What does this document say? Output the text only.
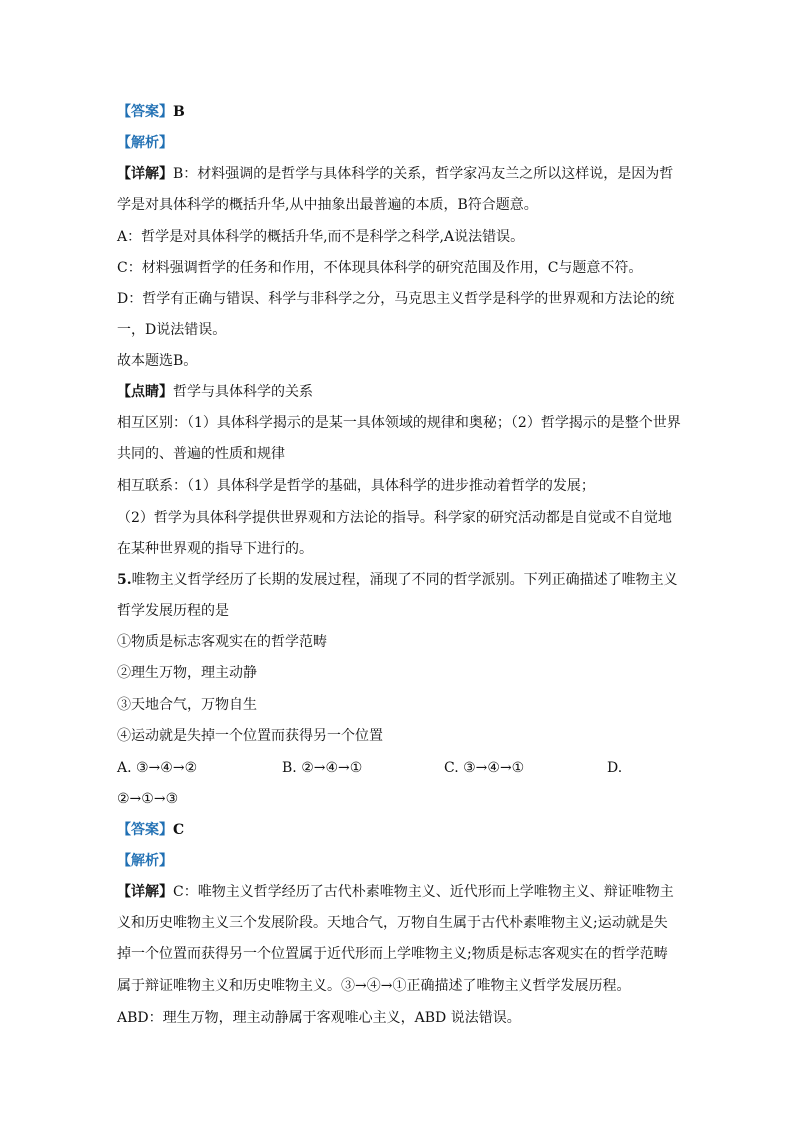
【答案】B
【解析】
【详解】B：材料强调的是哲学与具体科学的关系，哲学家冯友兰之所以这样说，是因为哲
学是对具体科学的概括升华,从中抽象出最普遍的本质，B符合题意。
A：哲学是对具体科学的概括升华,而不是科学之科学,A说法错误。
C：材料强调哲学的任务和作用，不体现具体科学的研究范围及作用，C与题意不符。
D：哲学有正确与错误、科学与非科学之分，马克思主义哲学是科学的世界观和方法论的统
一，D说法错误。
故本题选B。
【点睛】哲学与具体科学的关系
相互区别：（1）具体科学揭示的是某一具体领域的规律和奥秘；（2）哲学揭示的是整个世界
共同的、普遍的性质和规律
相互联系：（1）具体科学是哲学的基础，具体科学的进步推动着哲学的发展；
（2）哲学为具体科学提供世界观和方法论的指导。科学家的研究活动都是自觉或不自觉地
在某种世界观的指导下进行的。
5.唯物主义哲学经历了长期的发展过程，涌现了不同的哲学派别。下列正确描述了唯物主义
哲学发展历程的是
①物质是标志客观实在的哲学范畴
②理生万物，理主动静
③天地合气，万物自生
④运动就是失掉一个位置而获得另一个位置
A. ③→④→②	B. ②→④→①	C. ③→④→①	D.
②→①→③
【答案】C
【解析】
【详解】C：唯物主义哲学经历了古代朴素唯物主义、近代形而上学唯物主义、辩证唯物主
义和历史唯物主义三个发展阶段。天地合气，万物自生属于古代朴素唯物主义;运动就是失
掉一个位置而获得另一个位置属于近代形而上学唯物主义;物质是标志客观实在的哲学范畴
属于辩证唯物主义和历史唯物主义。③→④→①正确描述了唯物主义哲学发展历程。
ABD：理生万物，理主动静属于客观唯心主义，ABD 说法错误。
